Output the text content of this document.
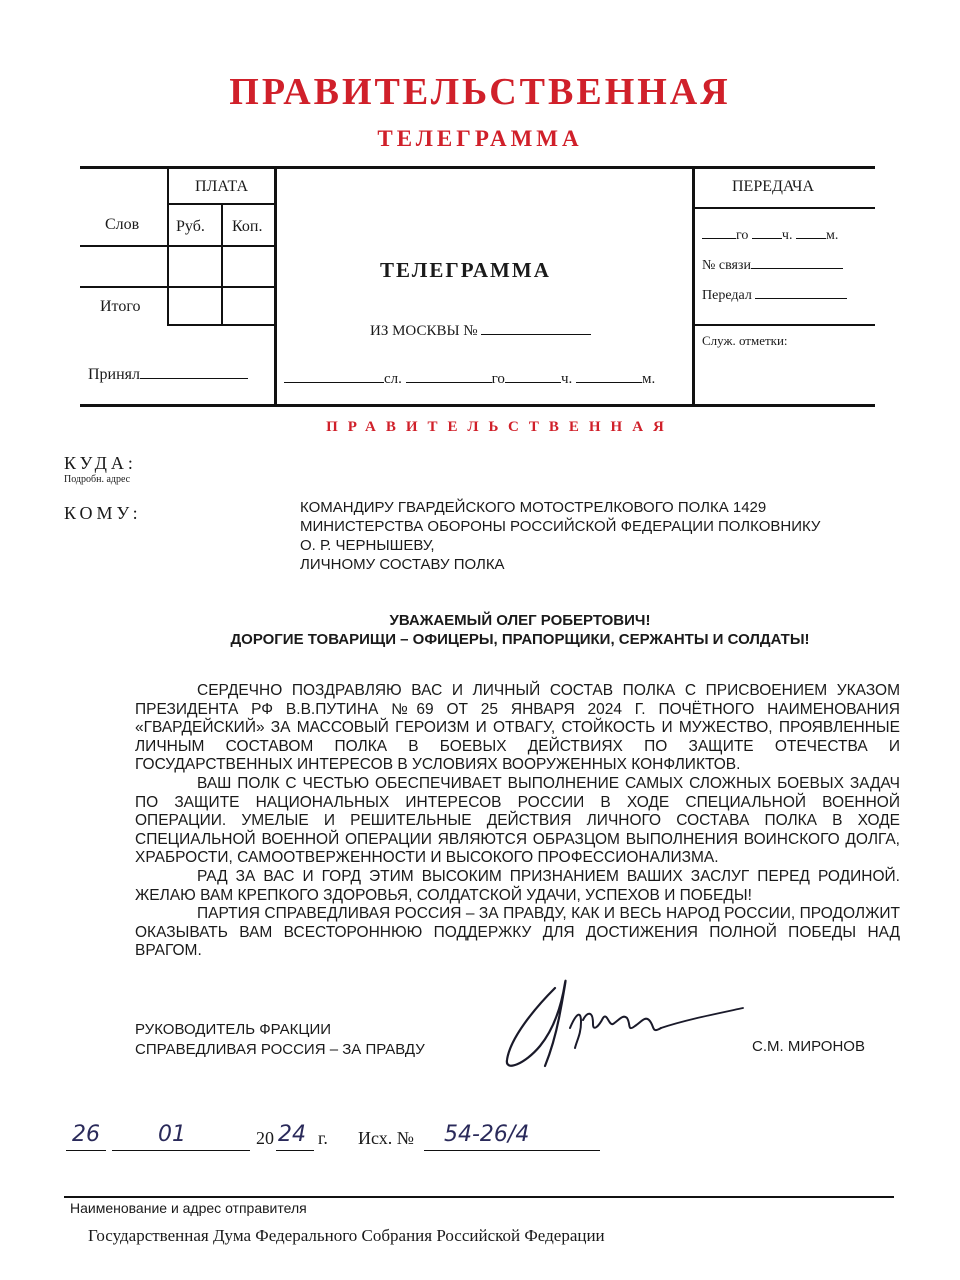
ПРАВИТЕЛЬСТВЕННАЯ
ТЕЛЕГРАММА
ПЛАТА
Слов Руб. Коп.
Итого
Принял
ТЕЛЕГРАММА
ИЗ МОСКВЫ №
сл.	го	ч.	м.
ПЕРЕДАЧА
го ч. м.
№ связи
Передал
Служ. отметки:
ПРАВИТЕЛЬСТВЕННАЯ
КУДА:
Подробн. адрес
КОМУ:	КОМАНДИРУ ГВАРДЕЙСКОГО МОТОСТРЕЛКОВОГО ПОЛКА 1429
МИНИСТЕРСТВА ОБОРОНЫ РОССИЙСКОЙ ФЕДЕРАЦИИ ПОЛКОВНИКУ
О. Р. ЧЕРНЫШЕВУ,
ЛИЧНОМУ СОСТАВУ ПОЛКА
УВАЖАЕМЫЙ ОЛЕГ РОБЕРТОВИЧ!
ДОРОГИЕ ТОВАРИЩИ – ОФИЦЕРЫ, ПРАПОРЩИКИ, СЕРЖАНТЫ И СОЛДАТЫ!

СЕРДЕЧНО ПОЗДРАВЛЯЮ ВАС И ЛИЧНЫЙ СОСТАВ ПОЛКА С ПРИСВОЕНИЕМ УКАЗОМ ПРЕЗИДЕНТА РФ В.В.ПУТИНА №69 ОТ 25 ЯНВАРЯ 2024 Г. ПОЧЁТНОГО НАИМЕНОВАНИЯ «ГВАРДЕЙСКИЙ» ЗА МАССОВЫЙ ГЕРОИЗМ И ОТВАГУ, СТОЙКОСТЬ И МУЖЕСТВО, ПРОЯВЛЕННЫЕ ЛИЧНЫМ СОСТАВОМ ПОЛКА В БОЕВЫХ ДЕЙСТВИЯХ ПО ЗАЩИТЕ ОТЕЧЕСТВА И ГОСУДАРСТВЕННЫХ ИНТЕРЕСОВ В УСЛОВИЯХ ВООРУЖЕННЫХ КОНФЛИКТОВ.

ВАШ ПОЛК С ЧЕСТЬЮ ОБЕСПЕЧИВАЕТ ВЫПОЛНЕНИЕ САМЫХ СЛОЖНЫХ БОЕВЫХ ЗАДАЧ ПО ЗАЩИТЕ НАЦИОНАЛЬНЫХ ИНТЕРЕСОВ РОССИИ В ХОДЕ СПЕЦИАЛЬНОЙ ВОЕННОЙ ОПЕРАЦИИ. УМЕЛЫЕ И РЕШИТЕЛЬНЫЕ ДЕЙСТВИЯ ЛИЧНОГО СОСТАВА ПОЛКА В ХОДЕ СПЕЦИАЛЬНОЙ ВОЕННОЙ ОПЕРАЦИИ ЯВЛЯЮТСЯ ОБРАЗЦОМ ВЫПОЛНЕНИЯ ВОИНСКОГО ДОЛГА, ХРАБРОСТИ, САМООТВЕРЖЕННОСТИ И ВЫСОКОГО ПРОФЕССИОНАЛИЗМА.

РАД ЗА ВАС И ГОРД ЭТИМ ВЫСОКИМ ПРИЗНАНИЕМ ВАШИХ ЗАСЛУГ ПЕРЕД РОДИНОЙ. ЖЕЛАЮ ВАМ КРЕПКОГО ЗДОРОВЬЯ, СОЛДАТСКОЙ УДАЧИ, УСПЕХОВ И ПОБЕДЫ!

ПАРТИЯ СПРАВЕДЛИВАЯ РОССИЯ – ЗА ПРАВДУ, КАК И ВЕСЬ НАРОД РОССИИ, ПРОДОЛЖИТ ОКАЗЫВАТЬ ВАМ ВСЕСТОРОННЮЮ ПОДДЕРЖКУ ДЛЯ ДОСТИЖЕНИЯ ПОЛНОЙ ПОБЕДЫ НАД ВРАГОМ.

РУКОВОДИТЕЛЬ ФРАКЦИИ
СПРАВЕДЛИВАЯ РОССИЯ – ЗА ПРАВДУ	С.М. МИРОНОВ
26	01	20 24 г. Исх. № 54-26/4
Наименование и адрес отправителя
Государственная Дума Федерального Собрания Российской Федерации
